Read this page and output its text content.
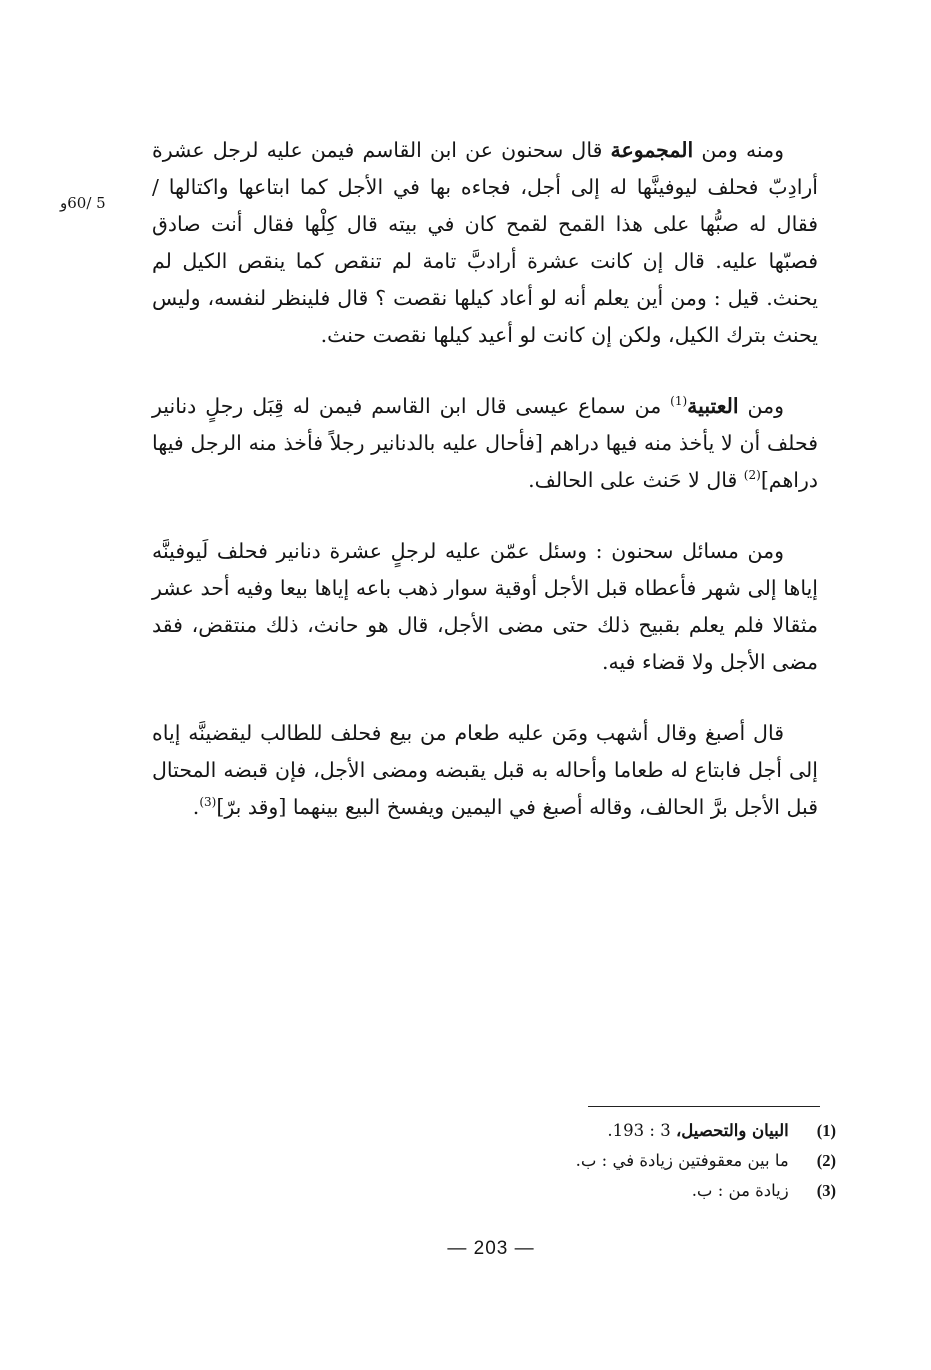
5 /60و

ومنه ومن المجموعة قال سحنون عن ابن القاسم فيمن عليه لرجل عشرة أرادِبّ فحلف ليوفينَّها له إلى أجل، فجاءه بها في الأجل كما ابتاعها واكتالها / فقال له صبُّها على هذا القمح لقمح كان في بيته قال كِلْها فقال أنت صادق فصبّها عليه. قال إن كانت عشرة أرادبَّ تامة لم تنقص كما ينقص الكيل لم يحنث. قيل : ومن أين يعلم أنه لو أعاد كيلها نقصت ؟ قال فلينظر لنفسه، وليس يحنث بترك الكيل، ولكن إن كانت لو أعيد كيلها نقصت حنث.

ومن العتبية$^{(1)}$ من سماع عيسى قال ابن القاسم فيمن له قِبَل رجلٍ دنانير فحلف أن لا يأخذ منه فيها دراهم [فأحال عليه بالدنانير رجلاً فأخذ منه الرجل فيها دراهم]$^{(2)}$ قال لا حَنث على الحالف.

ومن مسائل سحنون : وسئل عمّن عليه لرجلٍ عشرة دنانير فحلف لَيوفينَّه إياها إلى شهر فأعطاه قبل الأجل أوقية سوار ذهب باعه إياها بيعا وفيه أحد عشر مثقالا فلم يعلم بقبيح ذلك حتى مضى الأجل، قال هو حانث، ذلك منتقض، فقد مضى الأجل ولا قضاء فيه.

قال أصبغ وقال أشهب ومَن عليه طعام من بيع فحلف للطالب ليقضينَّه إياه إلى أجل فابتاع له طعاما وأحاله به قبل يقبضه ومضى الأجل، فإن قبضه المحتال قبل الأجل برَّ الحالف، وقاله أصبغ في اليمين ويفسخ البيع بينهما [وقد برّ]$^{(3)}$.

(1) البيان والتحصيل، 3 : 193.
(2) ما بين معقوفتين زيادة في : ب.
(3) زيادة من : ب.
— 203 —
